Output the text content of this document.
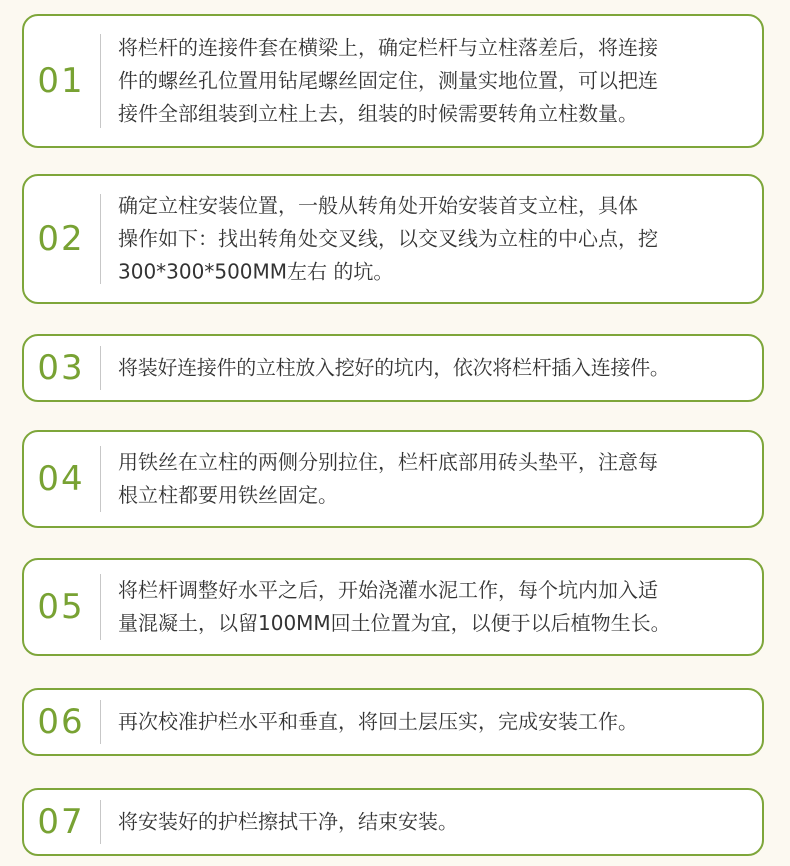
01

将栏杆的连接件套在横梁上，确定栏杆与立柱落差后，将连接
件的螺丝孔位置用钻尾螺丝固定住，测量实地位置，可以把连
接件全部组装到立柱上去，组装的时候需要转角立柱数量。

02

确定立柱安装位置，一般从转角处开始安装首支立柱，具体
操作如下：找出转角处交叉线，以交叉线为立柱的中心点，挖
300*300*500MM左右 的坑。

03	将装好连接件的立柱放入挖好的坑内，依次将栏杆插入连接件。

04	用铁丝在立柱的两侧分别拉住，栏杆底部用砖头垫平，注意每
根立柱都要用铁丝固定。

05	将栏杆调整好水平之后，开始浇灌水泥工作，每个坑内加入适
量混凝土，以留100MM回土位置为宜，以便于以后植物生长。

06	再次校准护栏水平和垂直，将回土层压实，完成安装工作。

07	将安装好的护栏擦拭干净，结束安装。
